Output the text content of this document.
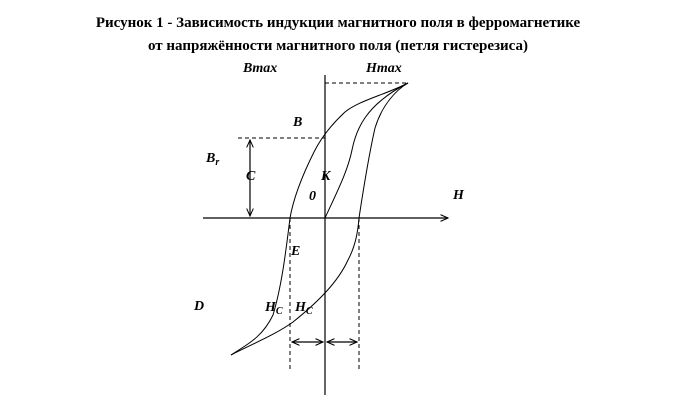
Рисунок 1 - Зависимость индукции магнитного поля в ферромагнетике
от напряжённости магнитного поля (петля гистерезиса)
Bmax	Hmax
B
$B_r$
C
0
K
H
E
D	$H_C$ $H_C$
